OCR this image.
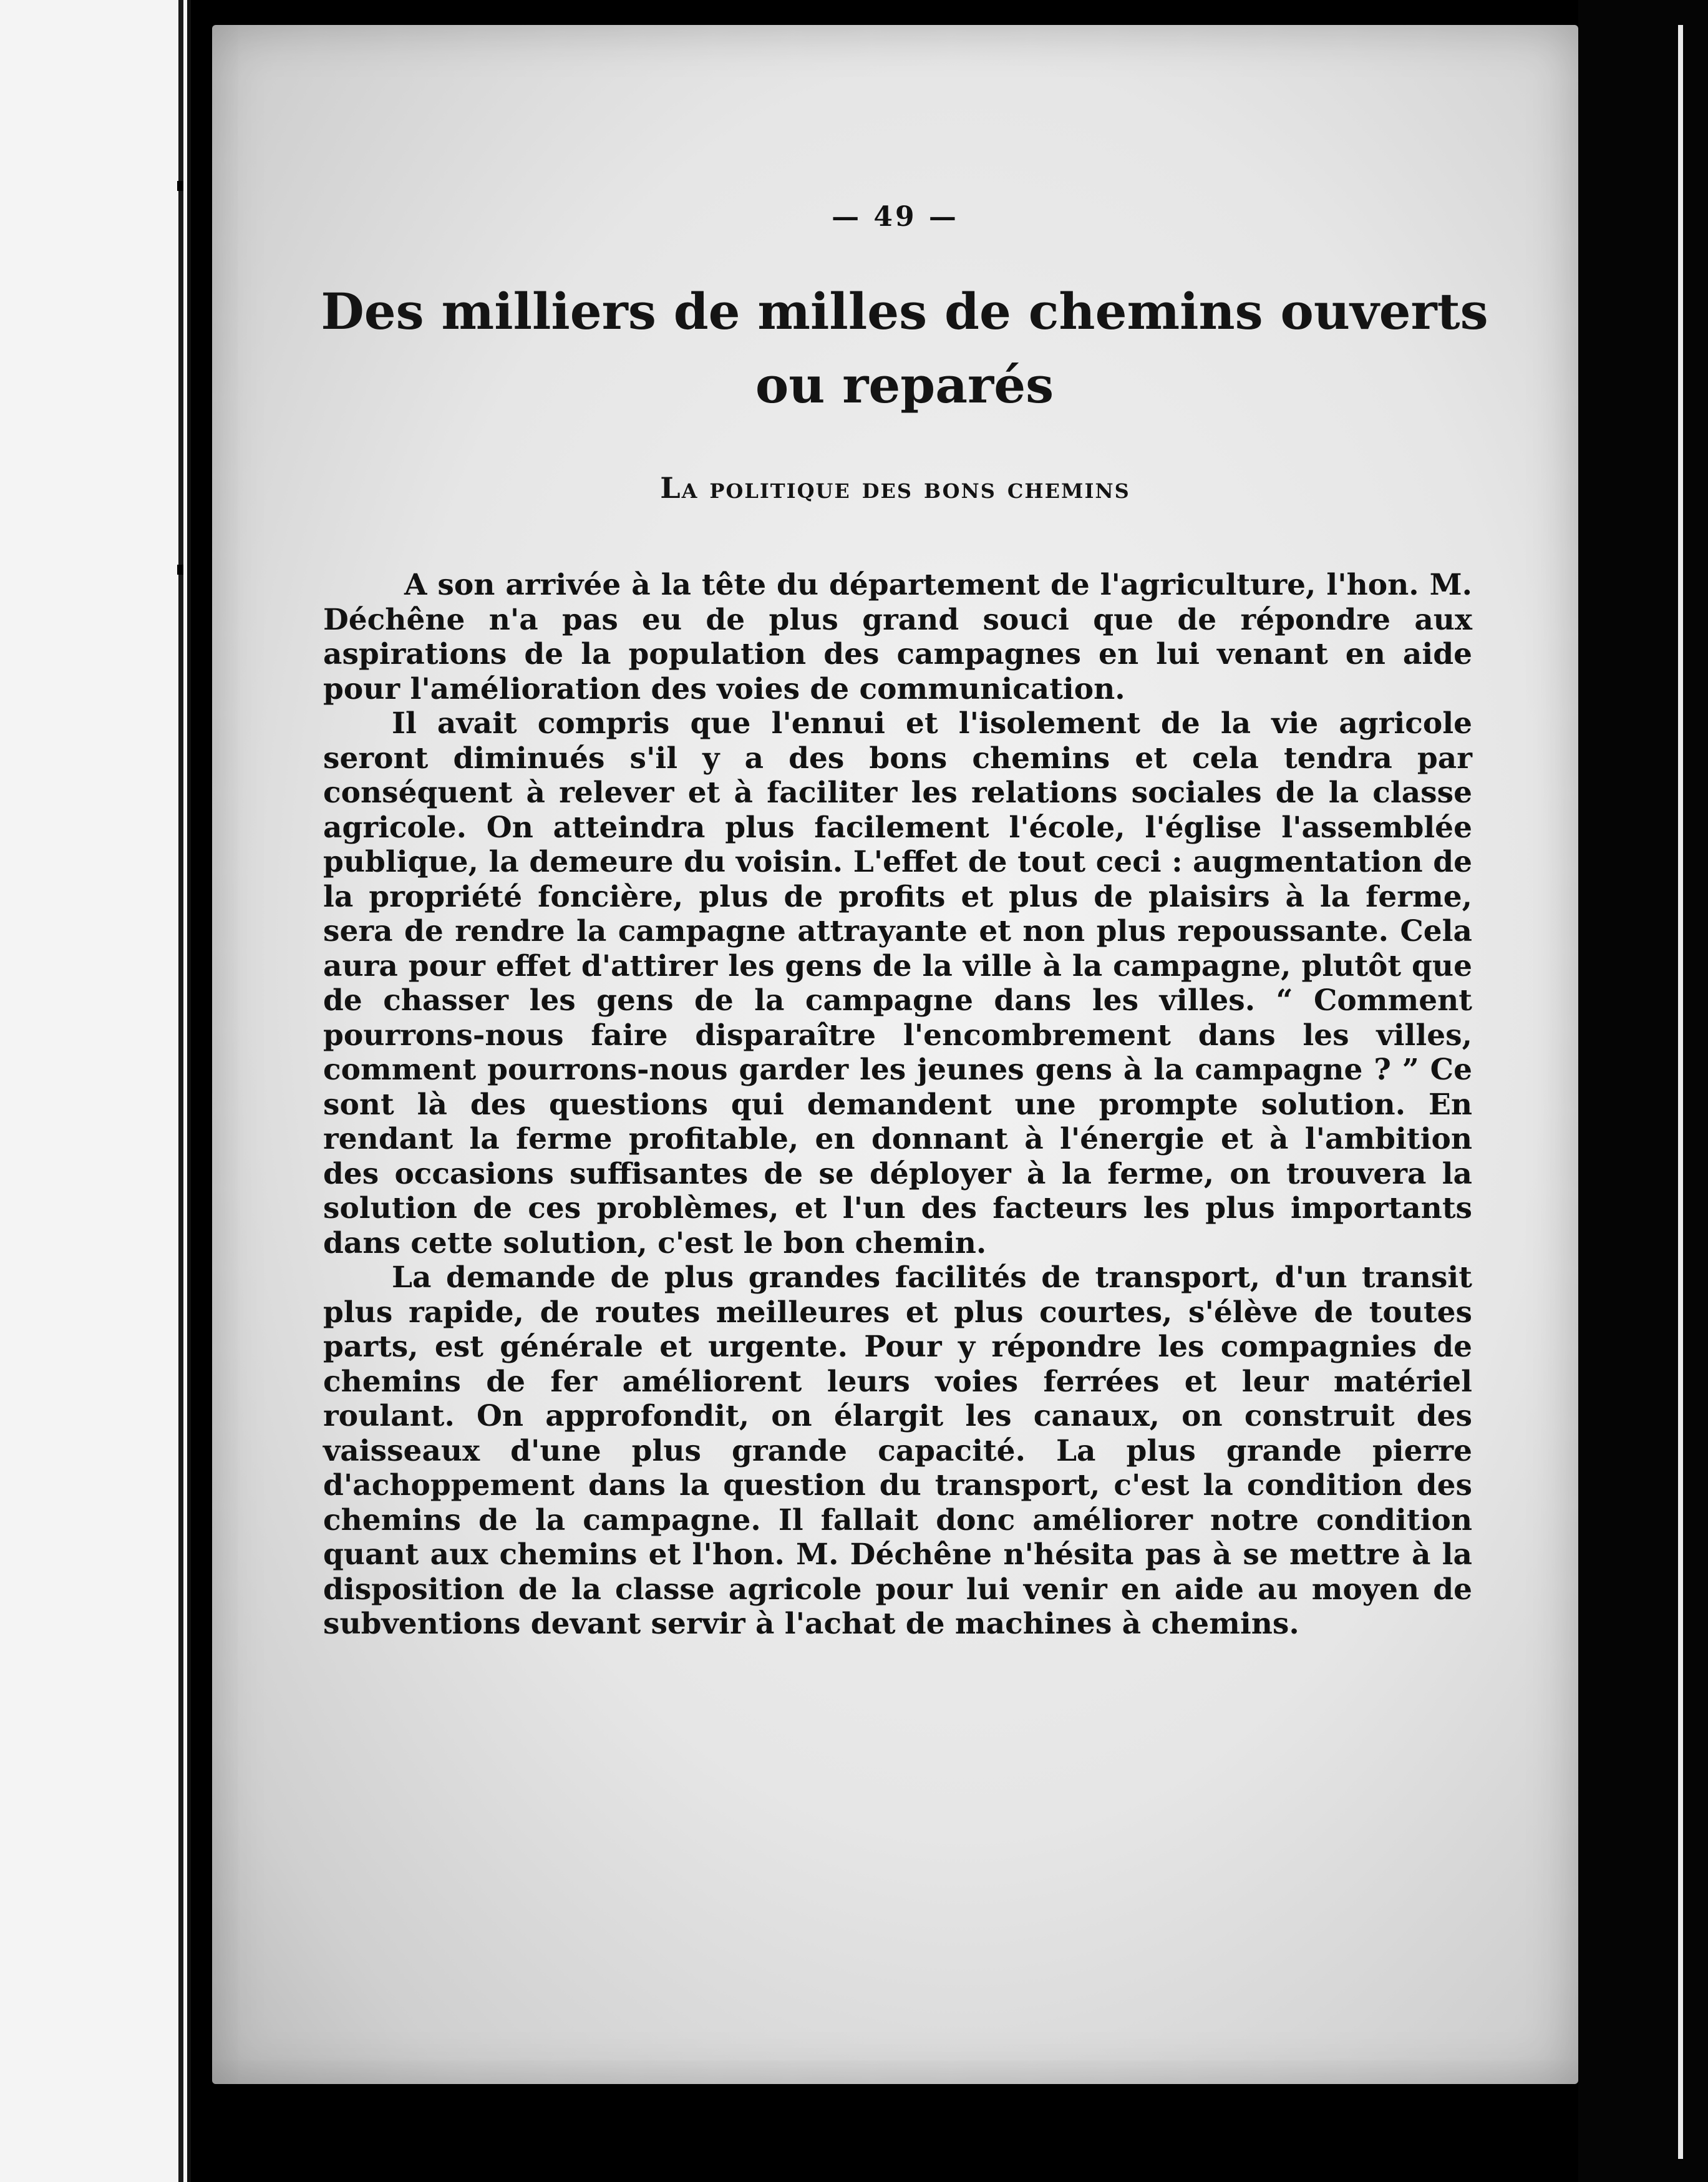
— 49 —
Des milliers de milles de chemins ouverts ou reparés
La politique des bons chemins

A son arrivée à la tête du département de l'agriculture, l'hon. M. Déchêne n'a pas eu de plus grand souci que de répondre aux aspirations de la population des campagnes en lui venant en aide pour l'amélioration des voies de communication.

Il avait compris que l'ennui et l'isolement de la vie agricole seront diminués s'il y a des bons chemins et cela tendra par conséquent à relever et à faciliter les relations sociales de la classe agricole. On atteindra plus facilement l'école, l'église l'assemblée publique, la demeure du voisin. L'effet de tout ceci : augmentation de la propriété foncière, plus de profits et plus de plaisirs à la ferme, sera de rendre la campagne attrayante et non plus repoussante. Cela aura pour effet d'attirer les gens de la ville à la campagne, plutôt que de chasser les gens de la campagne dans les villes. “ Comment pourrons-nous faire disparaître l'encombrement dans les villes, comment pourrons-nous garder les jeunes gens à la campagne ? ” Ce sont là des questions qui demandent une prompte solution. En rendant la ferme profitable, en donnant à l'énergie et à l'ambition des occasions suffisantes de se déployer à la ferme, on trouvera la solution de ces problèmes, et l'un des facteurs les plus importants dans cette solution, c'est le bon chemin.

La demande de plus grandes facilités de transport, d'un transit plus rapide, de routes meilleures et plus courtes, s'élève de toutes parts, est générale et urgente. Pour y répondre les compagnies de chemins de fer améliorent leurs voies ferrées et leur matériel roulant. On approfondit, on élargit les canaux, on construit des vaisseaux d'une plus grande capacité. La plus grande pierre d'achoppement dans la question du transport, c'est la condition des chemins de la campagne. Il fallait donc améliorer notre condition quant aux chemins et l'hon. M. Déchêne n'hésita pas à se mettre à la disposition de la classe agricole pour lui venir en aide au moyen de subventions devant servir à l'achat de machines à chemins.
